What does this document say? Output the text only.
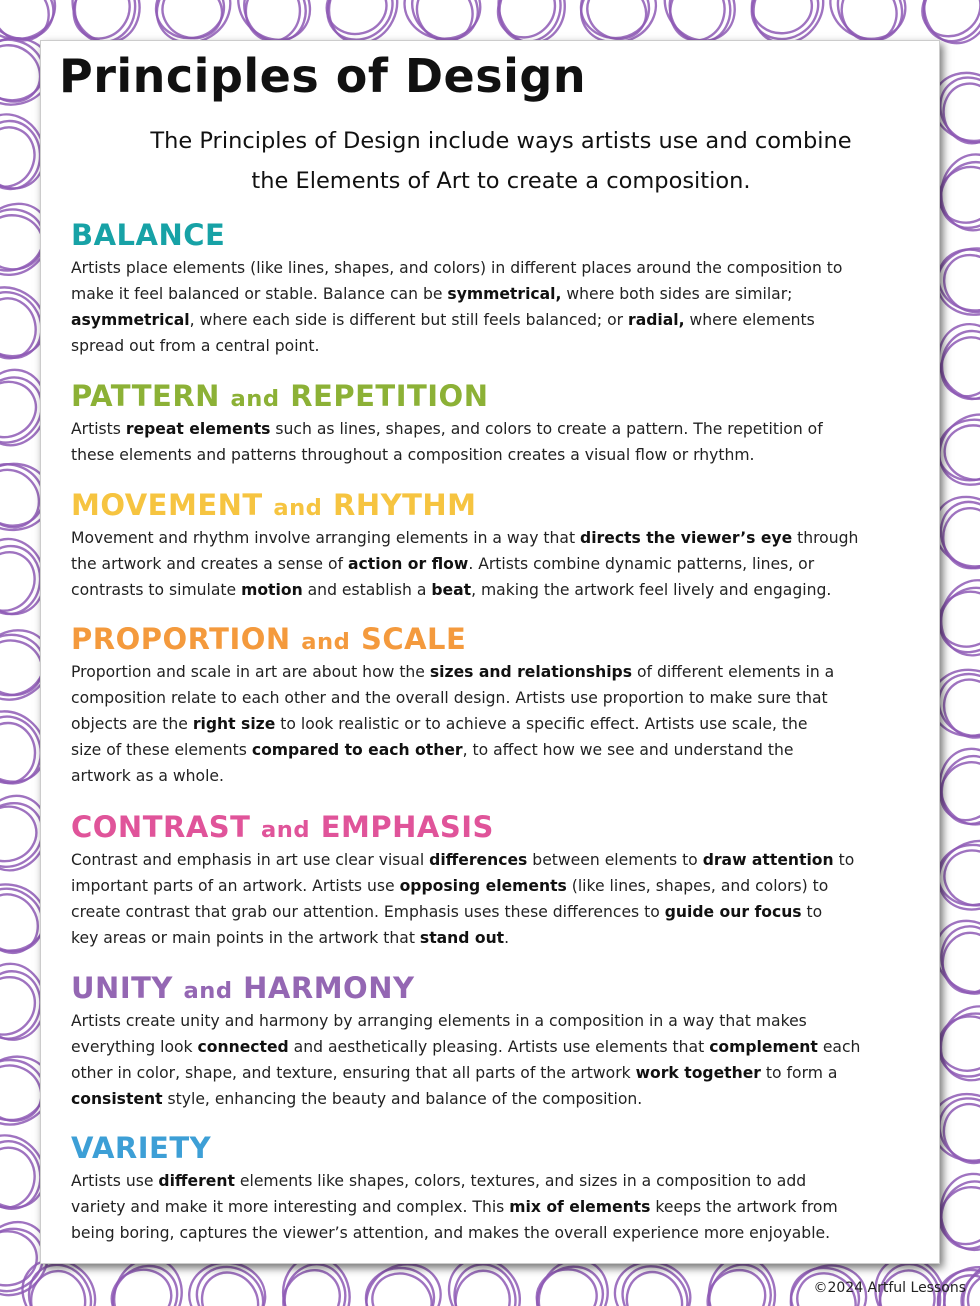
Principles of Design
The Principles of Design include ways artists use and combine
the Elements of Art to create a composition.
BALANCE

Artists place elements (like lines, shapes, and colors) in different places around the composition to
make it feel balanced or stable. Balance can be symmetrical, where both sides are similar;
asymmetrical, where each side is different but still feels balanced; or radial, where elements
spread out from a central point.

PATTERN and REPETITION

Artists repeat elements such as lines, shapes, and colors to create a pattern. The repetition of
these elements and patterns throughout a composition creates a visual flow or rhythm.

MOVEMENT and RHYTHM

Movement and rhythm involve arranging elements in a way that directs the viewer’s eye through
the artwork and creates a sense of action or flow. Artists combine dynamic patterns, lines, or
contrasts to simulate motion and establish a beat, making the artwork feel lively and engaging.

PROPORTION and SCALE

Proportion and scale in art are about how the sizes and relationships of different elements in a
composition relate to each other and the overall design. Artists use proportion to make sure that
objects are the right size to look realistic or to achieve a specific effect. Artists use scale, the
size of these elements compared to each other, to affect how we see and understand the
artwork as a whole.

CONTRAST and EMPHASIS

Contrast and emphasis in art use clear visual differences between elements to draw attention to
important parts of an artwork. Artists use opposing elements (like lines, shapes, and colors) to
create contrast that grab our attention. Emphasis uses these differences to guide our focus to
key areas or main points in the artwork that stand out.

UNITY and HARMONY

Artists create unity and harmony by arranging elements in a composition in a way that makes
everything look connected and aesthetically pleasing. Artists use elements that complement each
other in color, shape, and texture, ensuring that all parts of the artwork work together to form a
consistent style, enhancing the beauty and balance of the composition.

VARIETY

Artists use different elements like shapes, colors, textures, and sizes in a composition to add
variety and make it more interesting and complex. This mix of elements keeps the artwork from
being boring, captures the viewer’s attention, and makes the overall experience more enjoyable.

©2024 Artful Lessons
